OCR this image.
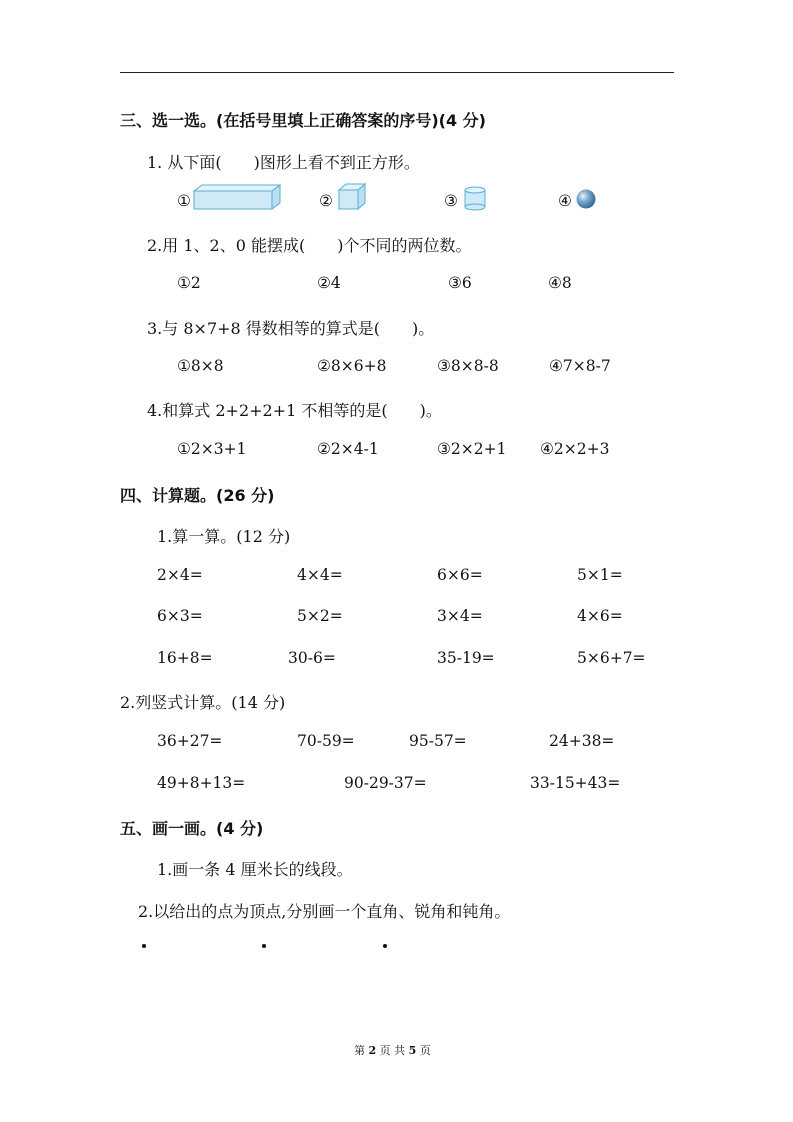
三、选一选。(在括号里填上正确答案的序号)(4 分)
1. 从下面(　　)图形上看不到正方形。
①	②	③	④
2.用 1、2、0 能摆成(　　)个不同的两位数。
①2	②4	③6	④8
3.与 8×7+8 得数相等的算式是(　　)。
①8×8	②8×6+8	③8×8-8	④7×8-7
4.和算式 2+2+2+1 不相等的是(　　)。
①2×3+1	②2×4-1	③2×2+1 ④2×2+3
四、计算题。(26 分)
1.算一算。(12 分)
2×4=	4×4=	6×6=	5×1=
6×3=	5×2=	3×4=	4×6=
16+8=	30-6=	35-19=	5×6+7=
2.列竖式计算。(14 分)
36+27=	70-59=	95-57=	24+38=
49+8+13=	90-29-37=	33-15+43=
五、画一画。(4 分)
1.画一条 4 厘米长的线段。
2.以给出的点为顶点,分别画一个直角、锐角和钝角。
第 2 页 共 5 页
